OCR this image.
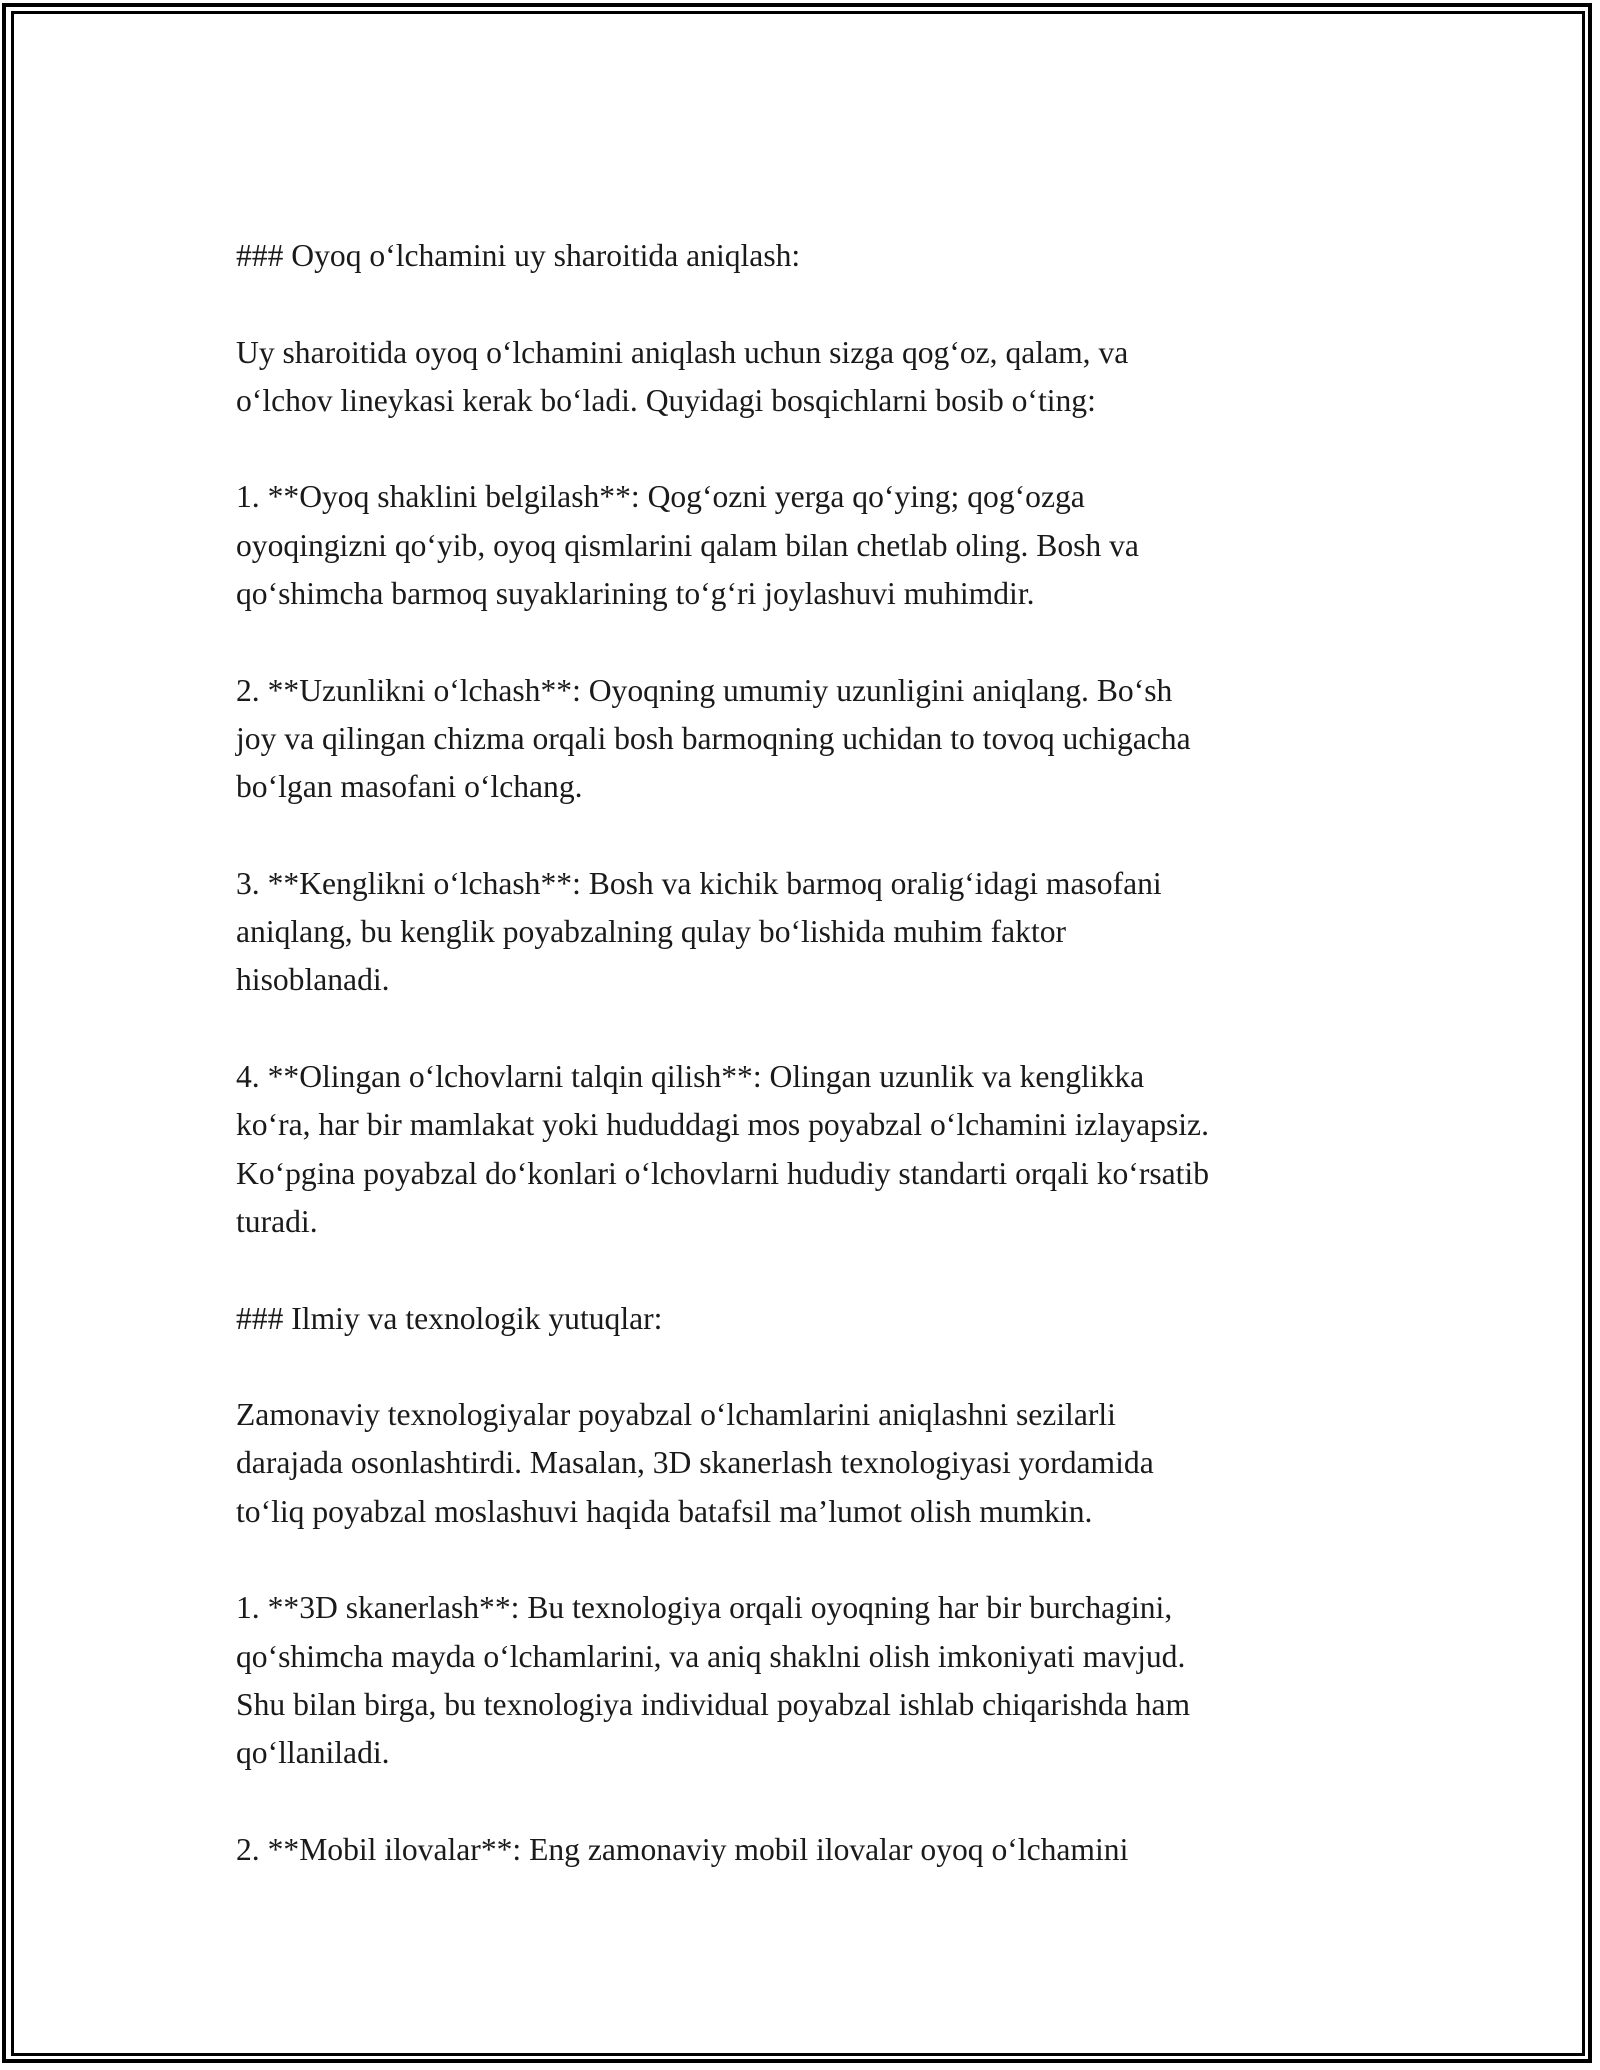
### Oyoq o‘lchamini uy sharoitida aniqlash:
Uy sharoitida oyoq o‘lchamini aniqlash uchun sizga qog‘oz, qalam, va
o‘lchov lineykasi kerak bo‘ladi. Quyidagi bosqichlarni bosib o‘ting:
1. **Oyoq shaklini belgilash**: Qog‘ozni yerga qo‘ying; qog‘ozga
oyoqingizni qo‘yib, oyoq qismlarini qalam bilan chetlab oling. Bosh va
qo‘shimcha barmoq suyaklarining to‘g‘ri joylashuvi muhimdir.
2. **Uzunlikni o‘lchash**: Oyoqning umumiy uzunligini aniqlang. Bo‘sh
joy va qilingan chizma orqali bosh barmoqning uchidan to tovoq uchigacha
bo‘lgan masofani o‘lchang.
3. **Kenglikni o‘lchash**: Bosh va kichik barmoq oralig‘idagi masofani
aniqlang, bu kenglik poyabzalning qulay bo‘lishida muhim faktor
hisoblanadi.
4. **Olingan o‘lchovlarni talqin qilish**: Olingan uzunlik va kenglikka
ko‘ra, har bir mamlakat yoki hududdagi mos poyabzal o‘lchamini izlayapsiz.
Ko‘pgina poyabzal do‘konlari o‘lchovlarni hududiy standarti orqali ko‘rsatib
turadi.
### Ilmiy va texnologik yutuqlar:
Zamonaviy texnologiyalar poyabzal o‘lchamlarini aniqlashni sezilarli
darajada osonlashtirdi. Masalan, 3D skanerlash texnologiyasi yordamida
to‘liq poyabzal moslashuvi haqida batafsil ma’lumot olish mumkin.
1. **3D skanerlash**: Bu texnologiya orqali oyoqning har bir burchagini,
qo‘shimcha mayda o‘lchamlarini, va aniq shaklni olish imkoniyati mavjud.
Shu bilan birga, bu texnologiya individual poyabzal ishlab chiqarishda ham
qo‘llaniladi.
2. **Mobil ilovalar**: Eng zamonaviy mobil ilovalar oyoq o‘lchamini
